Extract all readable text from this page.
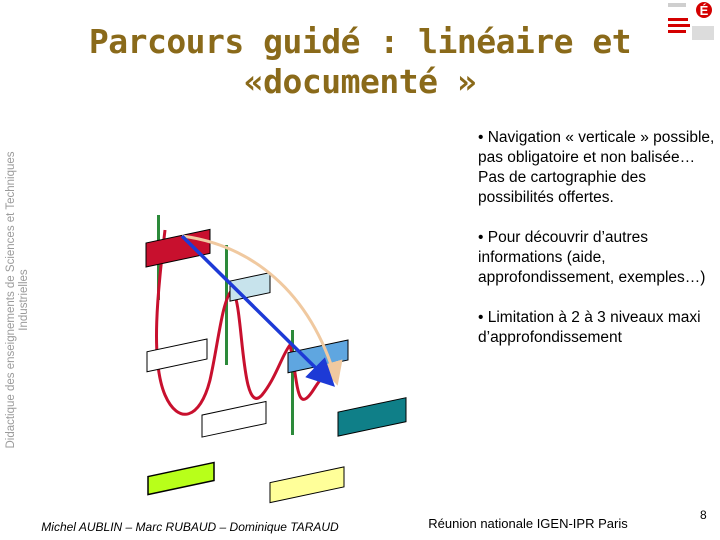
Didactique des enseignements de Sciences et Techniques Industrielles
Parcours guidé : linéaire et
«documenté »
É
• Navigation « verticale » possible, pas obligatoire et non balisée… Pas de cartographie des possibilités offertes.
• Pour découvrir d’autres informations (aide, approfondissement, exemples…)
• Limitation à 2 à 3 niveaux maxi d’approfondissement
Michel AUBLIN – Marc RUBAUD – Dominique TARAUD	Réunion nationale IGEN-IPR Paris
8
